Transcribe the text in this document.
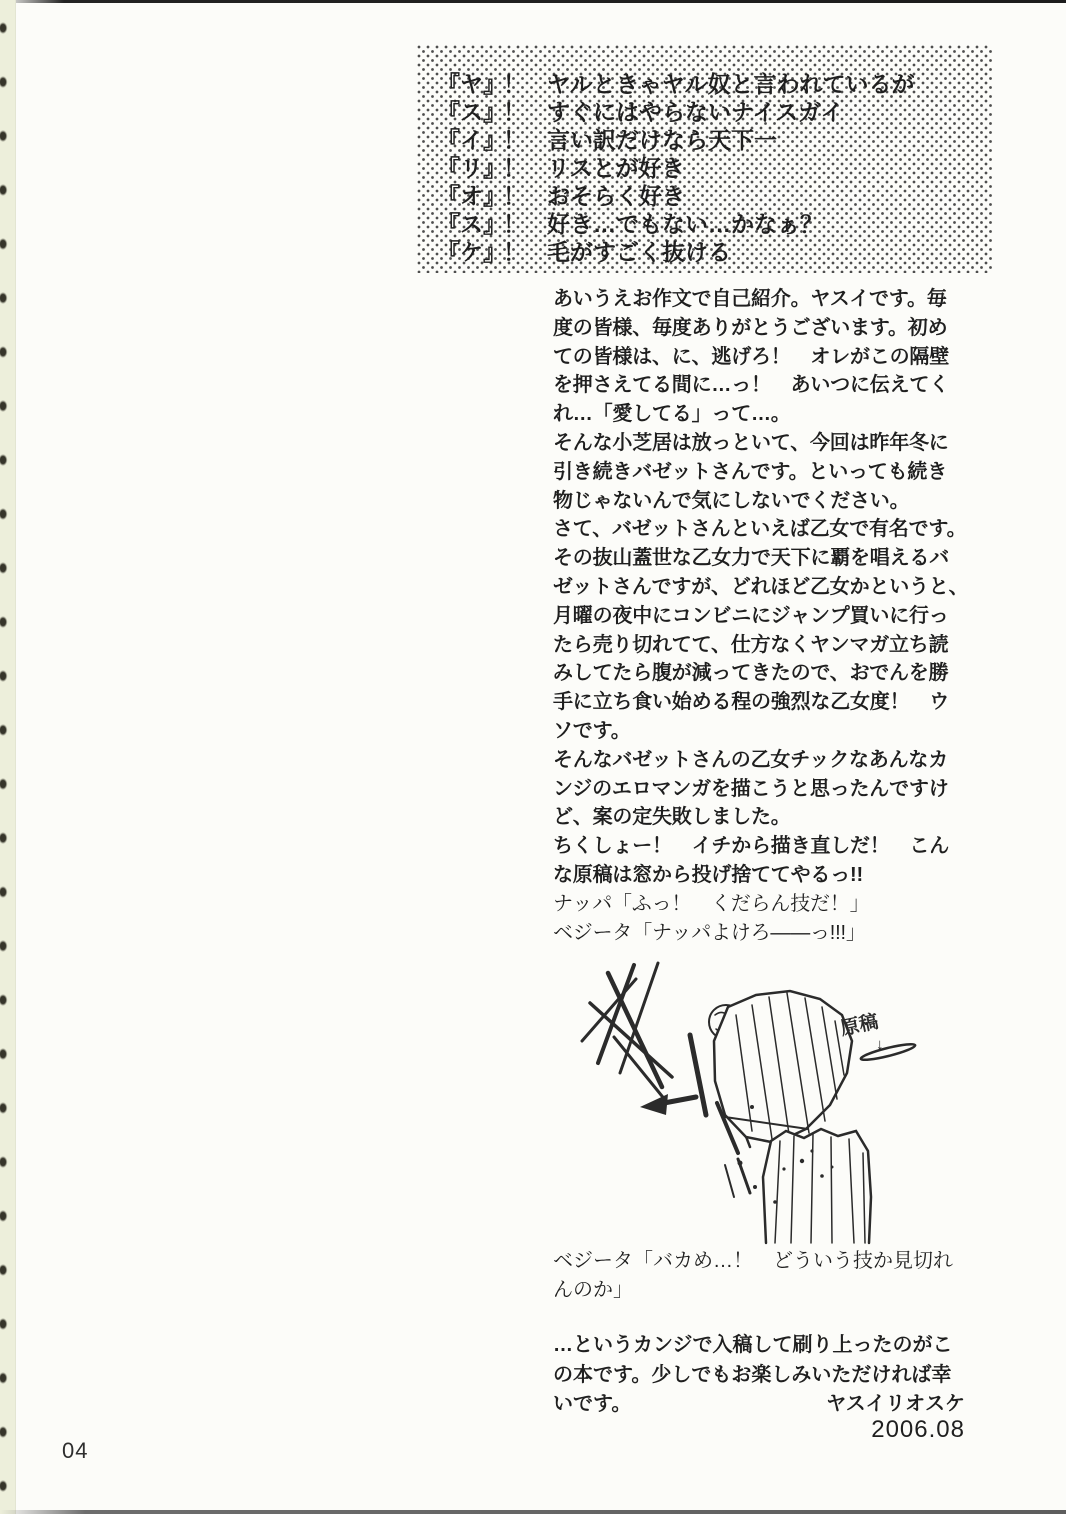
『ヤ』
！ ヤルときゃヤル奴と言われているが
『ス』
！ すぐにはやらないナイスガイ
『イ』
！ 言い訳だけなら天下一
『リ』
！ リスとが好き
『オ』
！ おそらく好き
『ス』
！ 好き…でもない…かなぁ？
『ケ』
！ 毛がすごく抜ける
あいうえお作文で自己紹介。ヤスイです。毎
度の皆様、毎度ありがとうございます。初め
ての皆様は、に、逃げろ！　オレがこの隔壁
を押さえてる間に…っ！　あいつに伝えてく
れ…「愛してる」って…。
そんな小芝居は放っといて、今回は昨年冬に
引き続きバゼットさんです。といっても続き
物じゃないんで気にしないでください。
さて、バゼットさんといえば乙女で有名です。
その抜山蓋世な乙女力で天下に覇を唱えるバ
ゼットさんですが、どれほど乙女かというと、
月曜の夜中にコンビニにジャンプ買いに行っ
たら売り切れてて、仕方なくヤンマガ立ち読
みしてたら腹が減ってきたので、おでんを勝
手に立ち食い始める程の強烈な乙女度！　ウ
ソです。
そんなバゼットさんの乙女チックなあんなカ
ンジのエロマンガを描こうと思ったんですけ
ど、案の定失敗しました。
ちくしょー！　イチから描き直しだ！　こん
な原稿は窓から投げ捨ててやるっ!!
ナッパ「ふっ！　くだらん技だ！」
ベジータ「ナッパよけろ――っ!!!」
原稿
↓
ベジータ「バカめ…！　どういう技か見切れ
んのか」
…というカンジで入稿して刷り上ったのがこ
の本です。少しでもお楽しみいただければ幸
いです。	ヤスイリオスケ
2006.08
04
